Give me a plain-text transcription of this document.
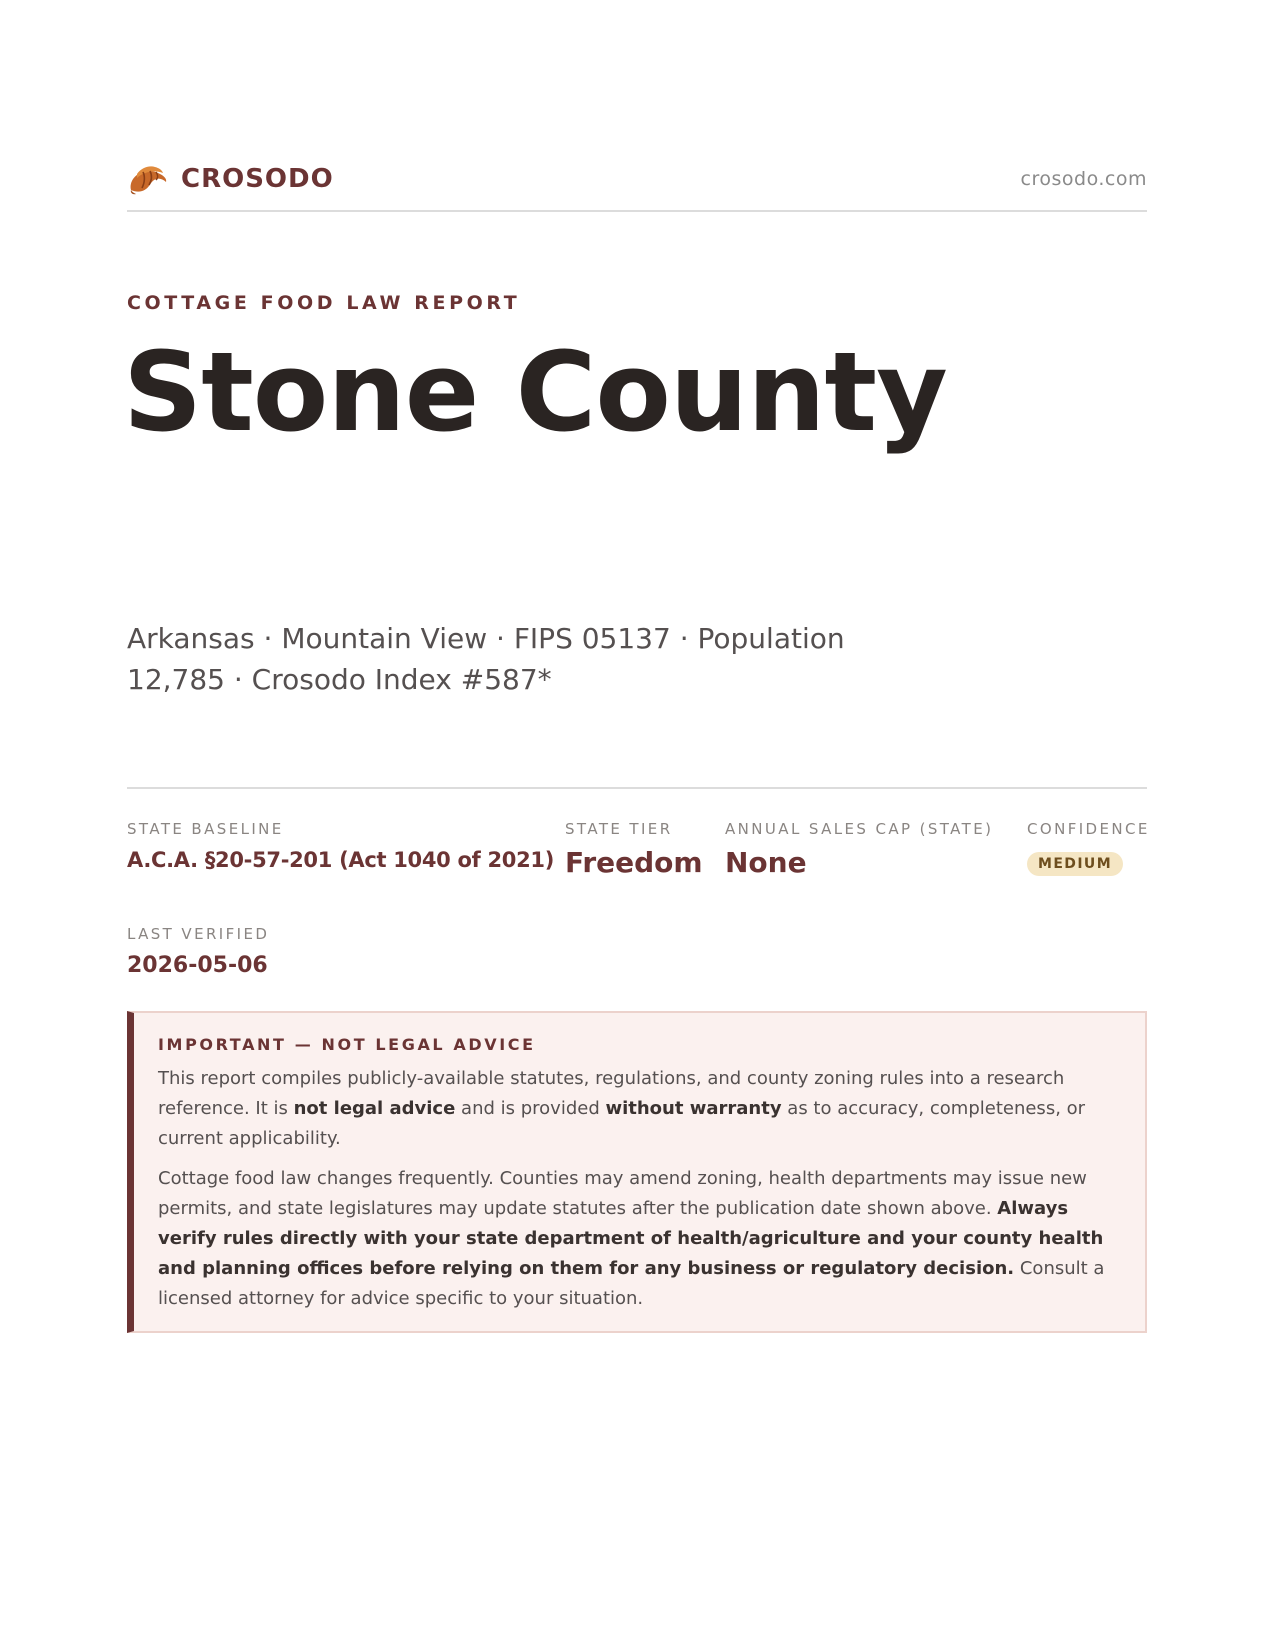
CROSODO	crosodo.com
COTTAGE FOOD LAW REPORT
Stone County
Arkansas · Mountain View · FIPS 05137 · Population 12,785 · Crosodo Index #587*
STATE BASELINE
A.C.A. §20-57-201 (Act 1040 of 2021)
STATE TIER
Freedom
ANNUAL SALES CAP (STATE)
None
CONFIDENCE
MEDIUM
LAST VERIFIED
2026-05-06
IMPORTANT — NOT LEGAL ADVICE

This report compiles publicly-available statutes, regulations, and county zoning rules into a research reference. It is not legal advice and is provided without warranty as to accuracy, completeness, or current applicability.

Cottage food law changes frequently. Counties may amend zoning, health departments may issue new permits, and state legislatures may update statutes after the publication date shown above. Always verify rules directly with your state department of health/agriculture and your county health and planning offices before relying on them for any business or regulatory decision. Consult a licensed attorney for advice specific to your situation.
